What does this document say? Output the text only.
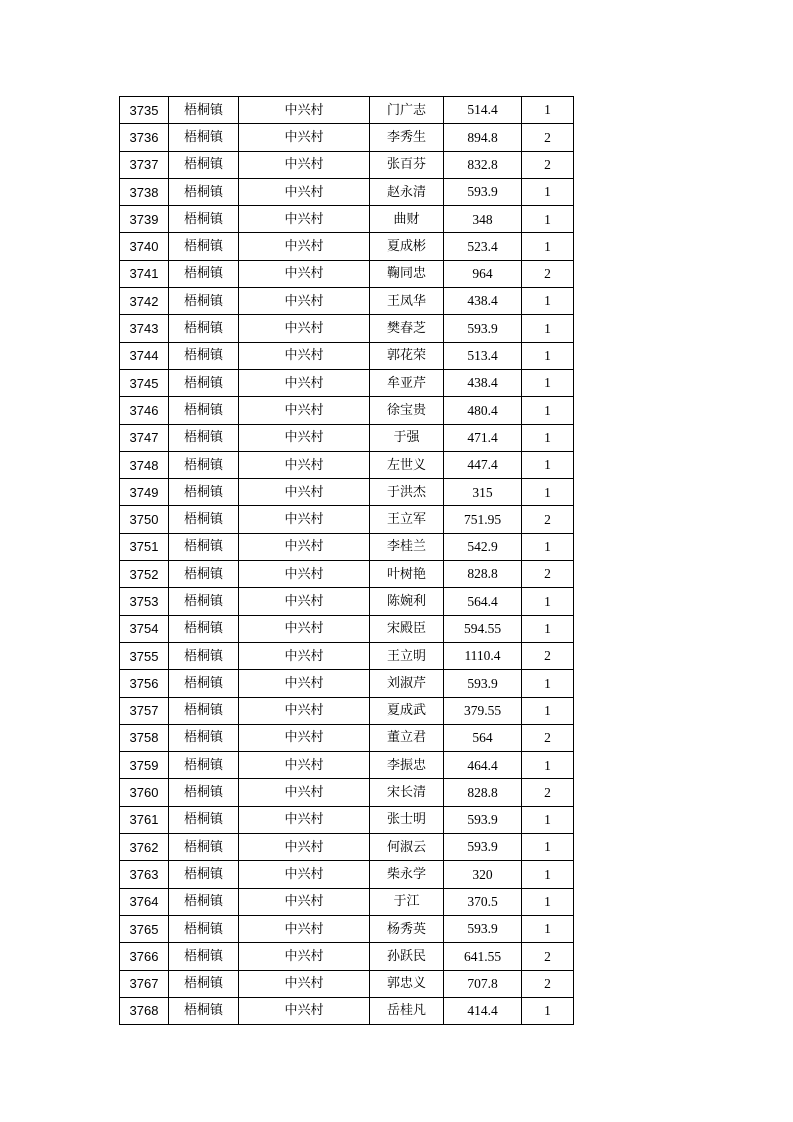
3735	梧桐镇	中兴村	门广志	514.4	1
3736	梧桐镇	中兴村	李秀生	894.8	2
3737	梧桐镇	中兴村	张百芬	832.8	2
3738	梧桐镇	中兴村	赵永清	593.9	1
3739	梧桐镇	中兴村	曲财	348	1
3740	梧桐镇	中兴村	夏成彬	523.4	1
3741	梧桐镇	中兴村	鞠同忠	964	2
3742	梧桐镇	中兴村	王凤华	438.4	1
3743	梧桐镇	中兴村	樊春芝	593.9	1
3744	梧桐镇	中兴村	郭花荣	513.4	1
3745	梧桐镇	中兴村	牟亚芹	438.4	1
3746	梧桐镇	中兴村	徐宝贵	480.4	1
3747	梧桐镇	中兴村	于强	471.4	1
3748	梧桐镇	中兴村	左世义	447.4	1
3749	梧桐镇	中兴村	于洪杰	315	1
3750	梧桐镇	中兴村	王立军	751.95	2
3751	梧桐镇	中兴村	李桂兰	542.9	1
3752	梧桐镇	中兴村	叶树艳	828.8	2
3753	梧桐镇	中兴村	陈婉利	564.4	1
3754	梧桐镇	中兴村	宋殿臣	594.55	1
3755	梧桐镇	中兴村	王立明	1110.4	2
3756	梧桐镇	中兴村	刘淑芹	593.9	1
3757	梧桐镇	中兴村	夏成武	379.55	1
3758	梧桐镇	中兴村	董立君	564	2
3759	梧桐镇	中兴村	李振忠	464.4	1
3760	梧桐镇	中兴村	宋长清	828.8	2
3761	梧桐镇	中兴村	张士明	593.9	1
3762	梧桐镇	中兴村	何淑云	593.9	1
3763	梧桐镇	中兴村	柴永学	320	1
3764	梧桐镇	中兴村	于江	370.5	1
3765	梧桐镇	中兴村	杨秀英	593.9	1
3766	梧桐镇	中兴村	孙跃民	641.55	2
3767	梧桐镇	中兴村	郭忠义	707.8	2
3768	梧桐镇	中兴村	岳桂凡	414.4	1
